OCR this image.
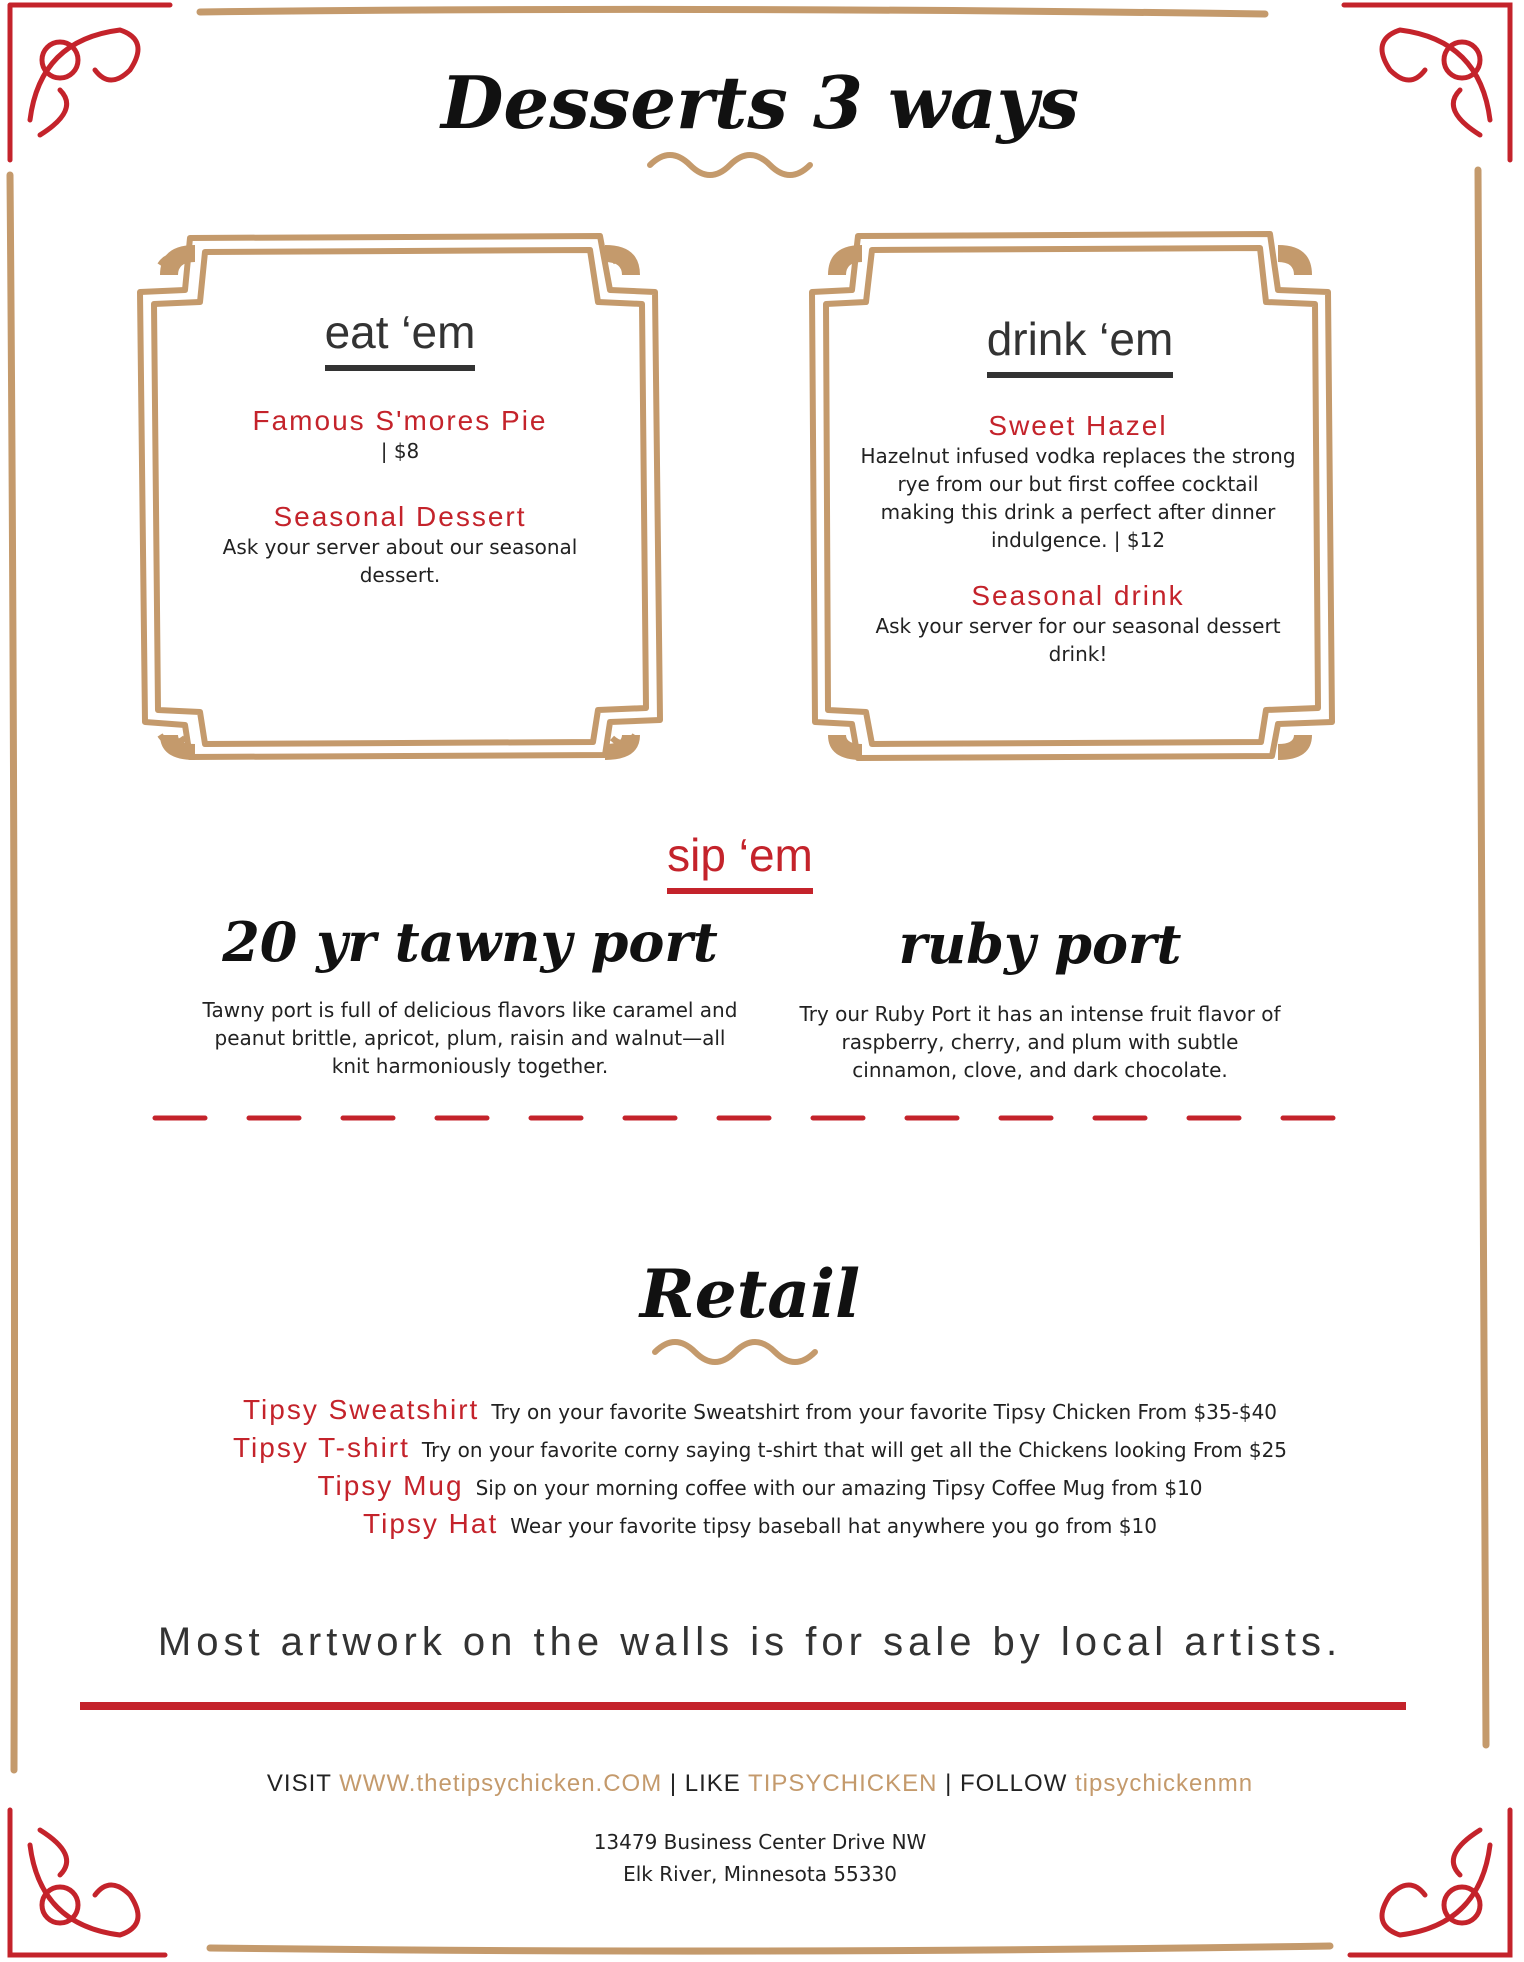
Desserts 3 ways
eat ‘em
Famous S'mores Pie
| $8
Seasonal Dessert
Ask your server about our seasonal dessert.
drink ‘em
Sweet Hazel
Hazelnut infused vodka replaces the strong rye from our but first coffee cocktail making this drink a perfect after dinner indulgence. | $12
Seasonal drink
Ask your server for our seasonal dessert drink!
sip ‘em
20 yr tawny port
Tawny port is full of delicious flavors like caramel and peanut brittle, apricot, plum, raisin and walnut—all knit harmoniously together.
ruby port
Try our Ruby Port it has an intense fruit flavor of raspberry, cherry, and plum with subtle cinnamon, clove, and dark chocolate.
Retail
Tipsy Sweatshirt Try on your favorite Sweatshirt from your favorite Tipsy Chicken From $35-$40
Tipsy T-shirt Try on your favorite corny saying t-shirt that will get all the Chickens looking From $25
Tipsy Mug Sip on your morning coffee with our amazing Tipsy Coffee Mug from $10
Tipsy Hat Wear your favorite tipsy baseball hat anywhere you go from $10
Most artwork on the walls is for sale by local artists.
VISIT WWW.thetipsychicken.COM | LIKE TIPSYCHICKEN | FOLLOW tipsychickenmn
13479 Business Center Drive NW
Elk River, Minnesota 55330
